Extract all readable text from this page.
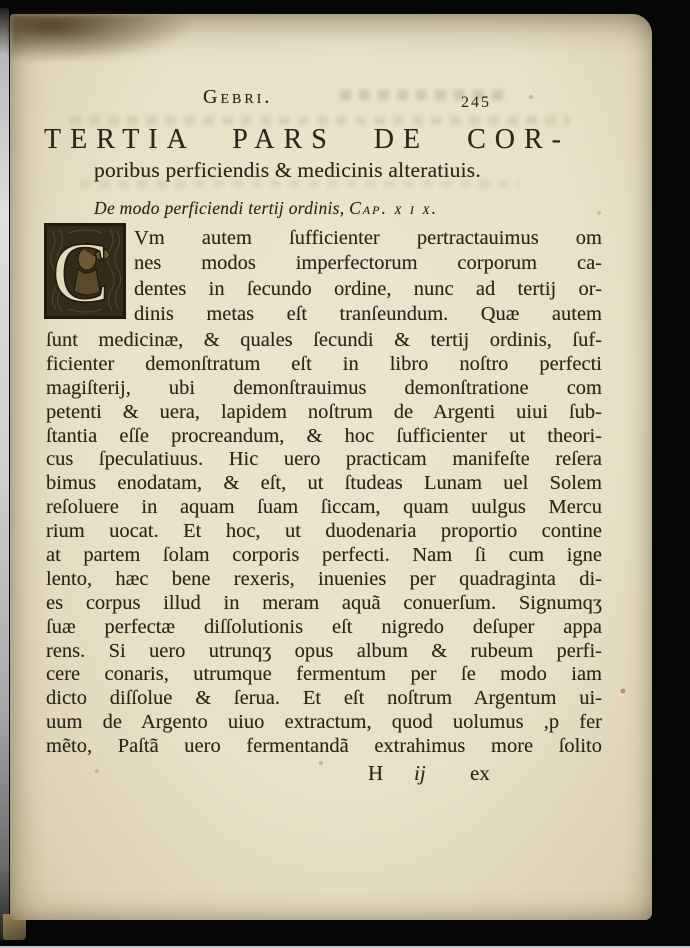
Gebri.	245
TERTIA PARS DE COR-
poribus perficiendis & medicinis alteratiuis.
De modo perficiendi tertij ordinis, Cap. x i x.
C Vm autem ſufficienter pertractauimus om
nes modos imperfectorum corporum ca-
dentes in ſecundo ordine, nunc ad tertij or-
dinis metas eſt tranſeundum. Quæ autem
ſunt medicinæ, & quales ſecundi & tertij ordinis, ſuf-
ficienter demonſtratum eſt in libro noſtro perfecti
magiſterij, ubi demonſtrauimus demonſtratione com
petenti & uera, lapidem noſtrum de Argenti uiui ſub-
ſtantia eſſe procreandum, & hoc ſufficienter ut theori-
cus ſpeculatiuus. Hic uero practicam manifeſte reſera
bimus enodatam, & eſt, ut ſtudeas Lunam uel Solem
reſoluere in aquam ſuam ſiccam, quam uulgus Mercu
rium uocat. Et hoc, ut duodenaria proportio contine
at partem ſolam corporis perfecti. Nam ſi cum igne
lento, hæc bene rexeris, inuenies per quadraginta di-
es corpus illud in meram aquã conuerſum. Signumqʒ
ſuæ perfectæ diſſolutionis eſt nigredo deſuper appa
rens. Si uero utrunqʒ opus album & rubeum perfi-
cere conaris, utrumque fermentum per ſe modo iam
dicto diſſolue & ſerua. Et eſt noſtrum Argentum ui-
uum de Argento uiuo extractum, quod uolumus ,p fer
mẽto, Paſtã uero fermentandã extrahimus more ſolito
H ij ex
